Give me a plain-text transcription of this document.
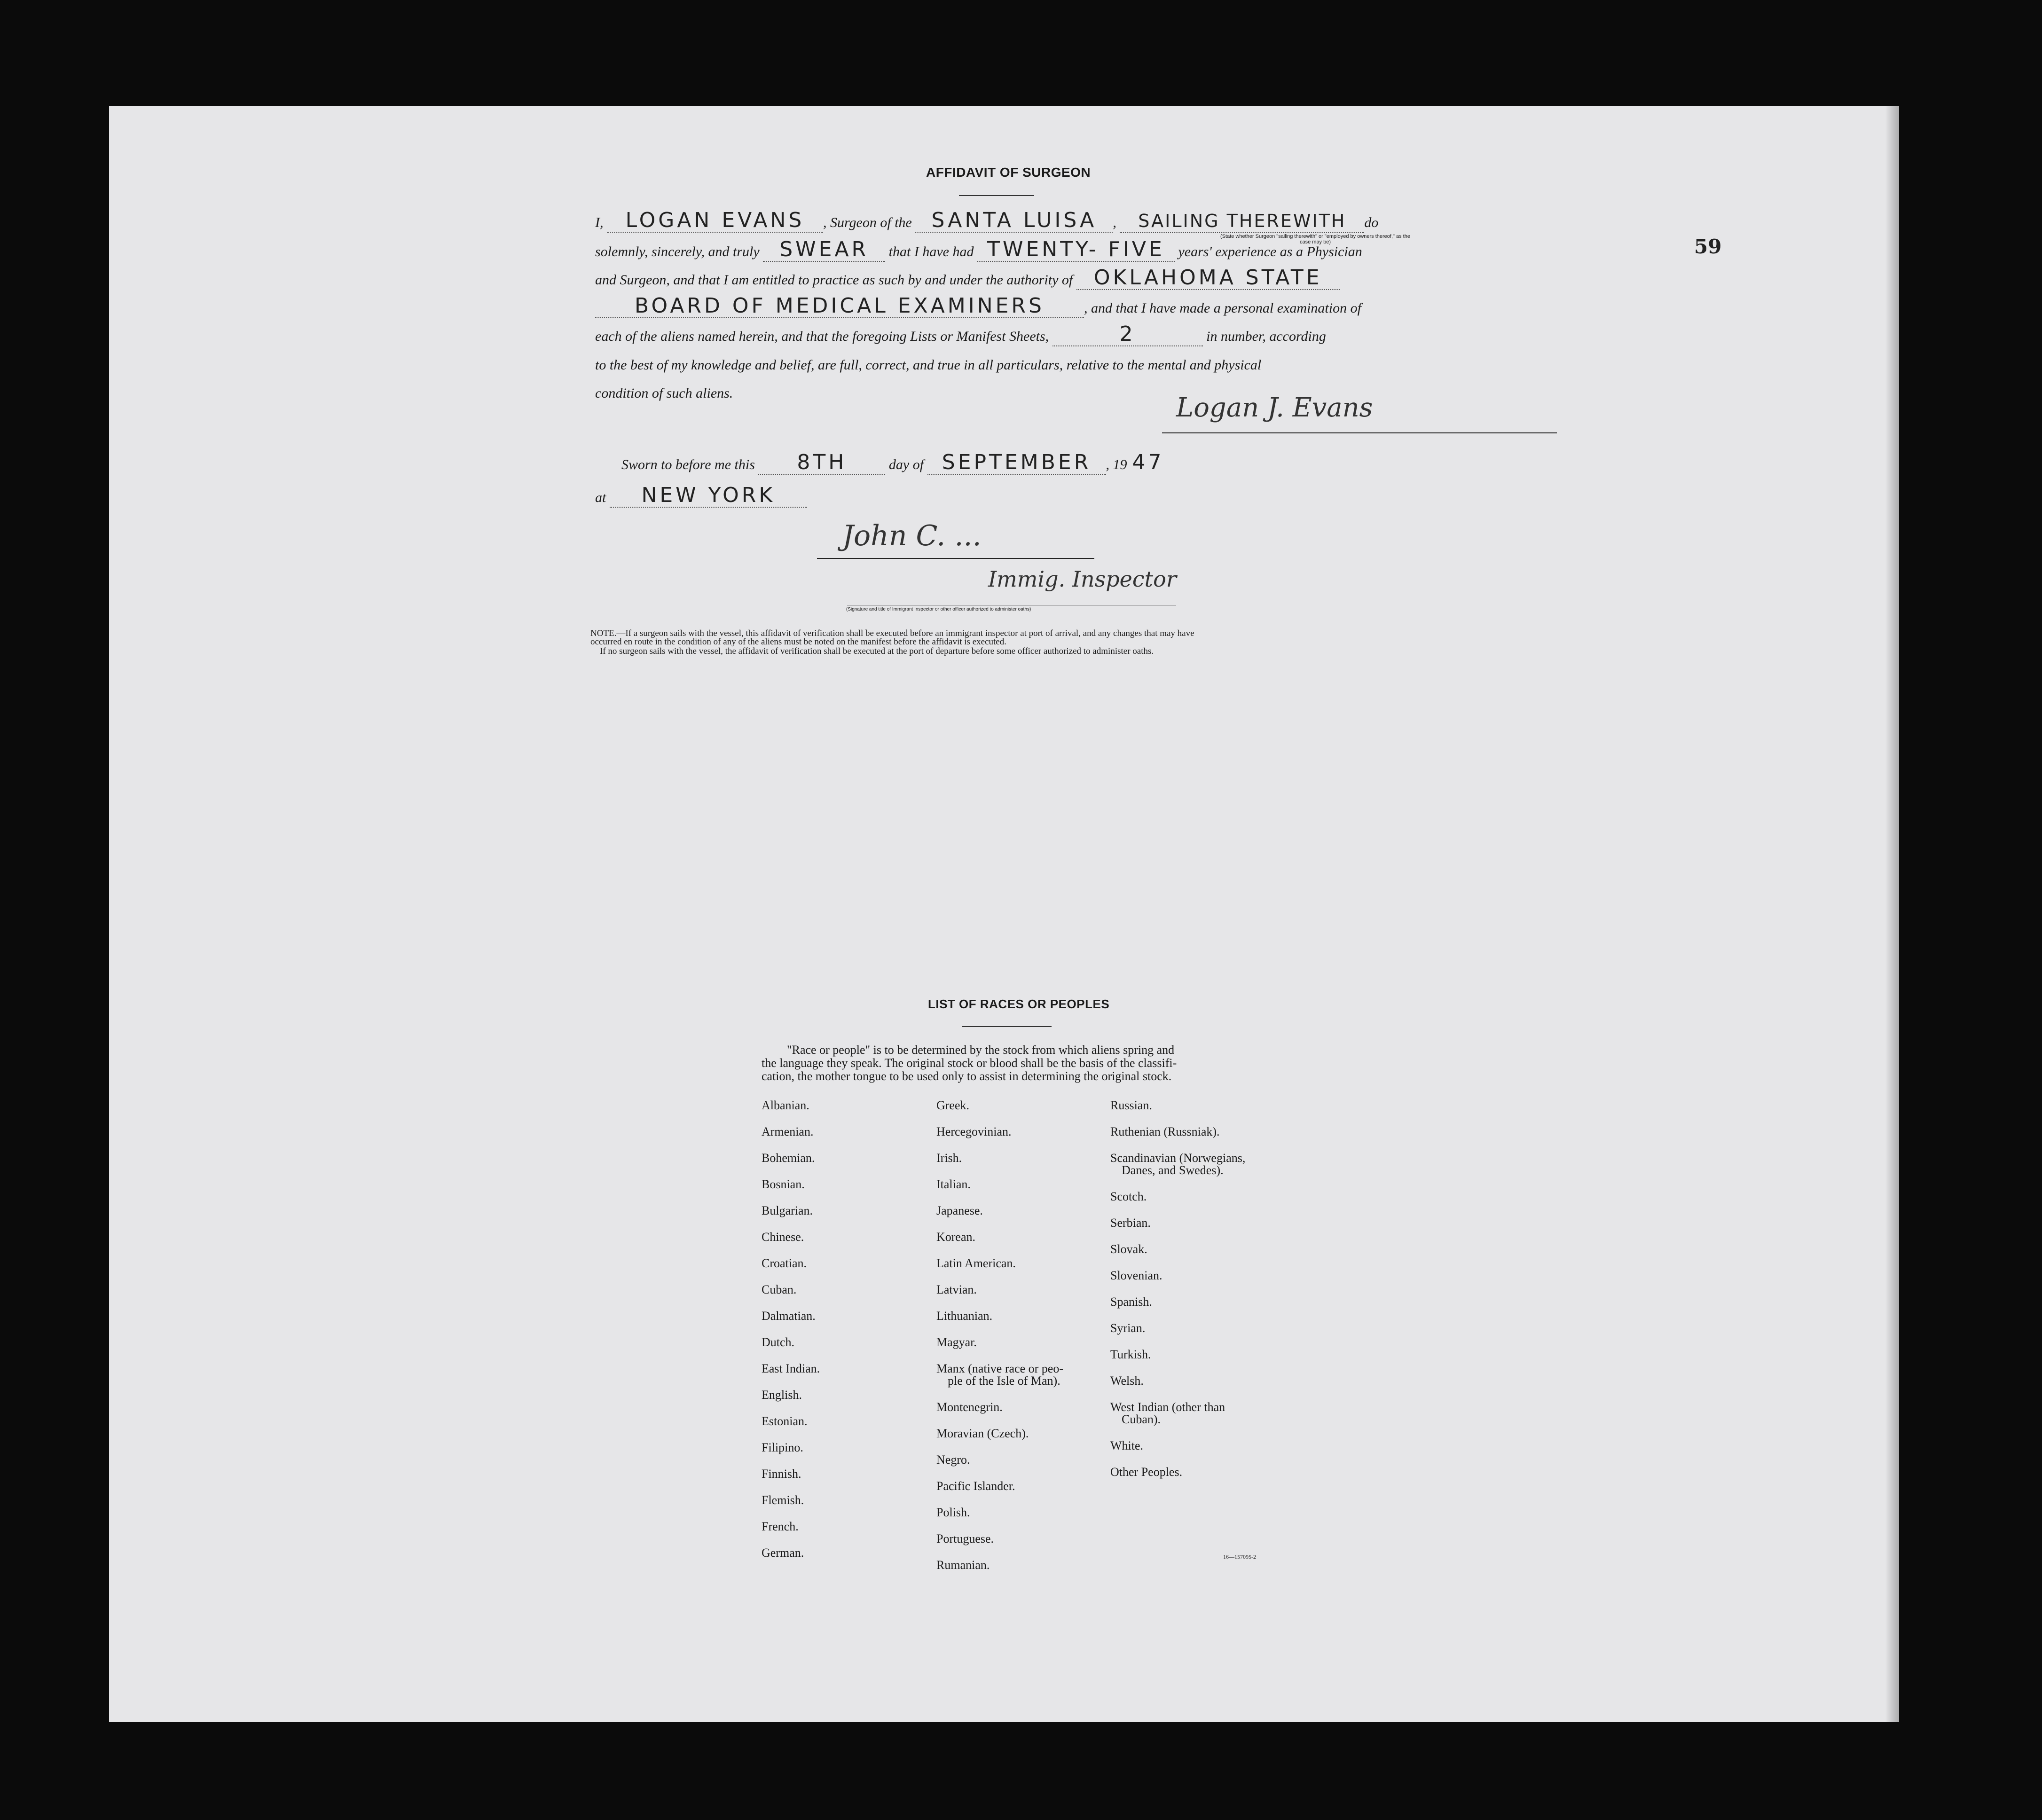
59
AFFIDAVIT OF SURGEON
I, LOGAN EVANS , Surgeon of the SANTA LUISA , SAILING THEREWITH do
(State whether Surgeon "sailing therewith" or "employed by owners thereof," as the case may be)
solemnly, sincerely, and truly SWEAR that I have had TWENTY- FIVE years' experience as a Physician
and Surgeon, and that I am entitled to practice as such by and under the authority of OKLAHOMA STATE
BOARD OF MEDICAL EXAMINERS	, and that I have made a personal examination of
each of the aliens named herein, and that the foregoing Lists or Manifest Sheets,	2	in number, according
to the best of my knowledge and belief, are full, correct, and true in all particulars, relative to the mental and physical
condition of such aliens.	Logan J. Evans
Sworn to before me this 8TH	day of SEPTEMBER , 19 47
at NEW YORK
John C. ...
Immig. Inspector
(Signature and title of Immigrant Inspector or other officer authorized to administer oaths)
NOTE.—If a surgeon sails with the vessel, this affidavit of verification shall be executed before an immigrant inspector at port of arrival, and any changes that may have
occurred en route in the condition of any of the aliens must be noted on the manifest before the affidavit is executed.
If no surgeon sails with the vessel, the affidavit of verification shall be executed at the port of departure before some officer authorized to administer oaths.
LIST OF RACES OR PEOPLES
"Race or people" is to be determined by the stock from which aliens spring and
the language they speak. The original stock or blood shall be the basis of the classifi-
cation, the mother tongue to be used only to assist in determining the original stock.
Albanian.
Armenian.
Bohemian.
Bosnian.
Bulgarian.
Chinese.
Croatian.
Cuban.
Dalmatian.
Dutch.
East Indian.
English.
Estonian.
Filipino.
Finnish.
Flemish.
French.
German.
Greek.
Hercegovinian.
Irish.
Italian.
Japanese.
Korean.
Latin American.
Latvian.
Lithuanian.
Magyar.
Manx (native race or peo-
ple of the Isle of Man).
Montenegrin.
Moravian (Czech).
Negro.
Pacific Islander.
Polish.
Portuguese.
Rumanian.
Russian.
Ruthenian (Russniak).
Scandinavian (Norwegians,
Danes, and Swedes).
Scotch.
Serbian.
Slovak.
Slovenian.
Spanish.
Syrian.
Turkish.
Welsh.
West Indian (other than
Cuban).
White.
Other Peoples.
16—157095-2
